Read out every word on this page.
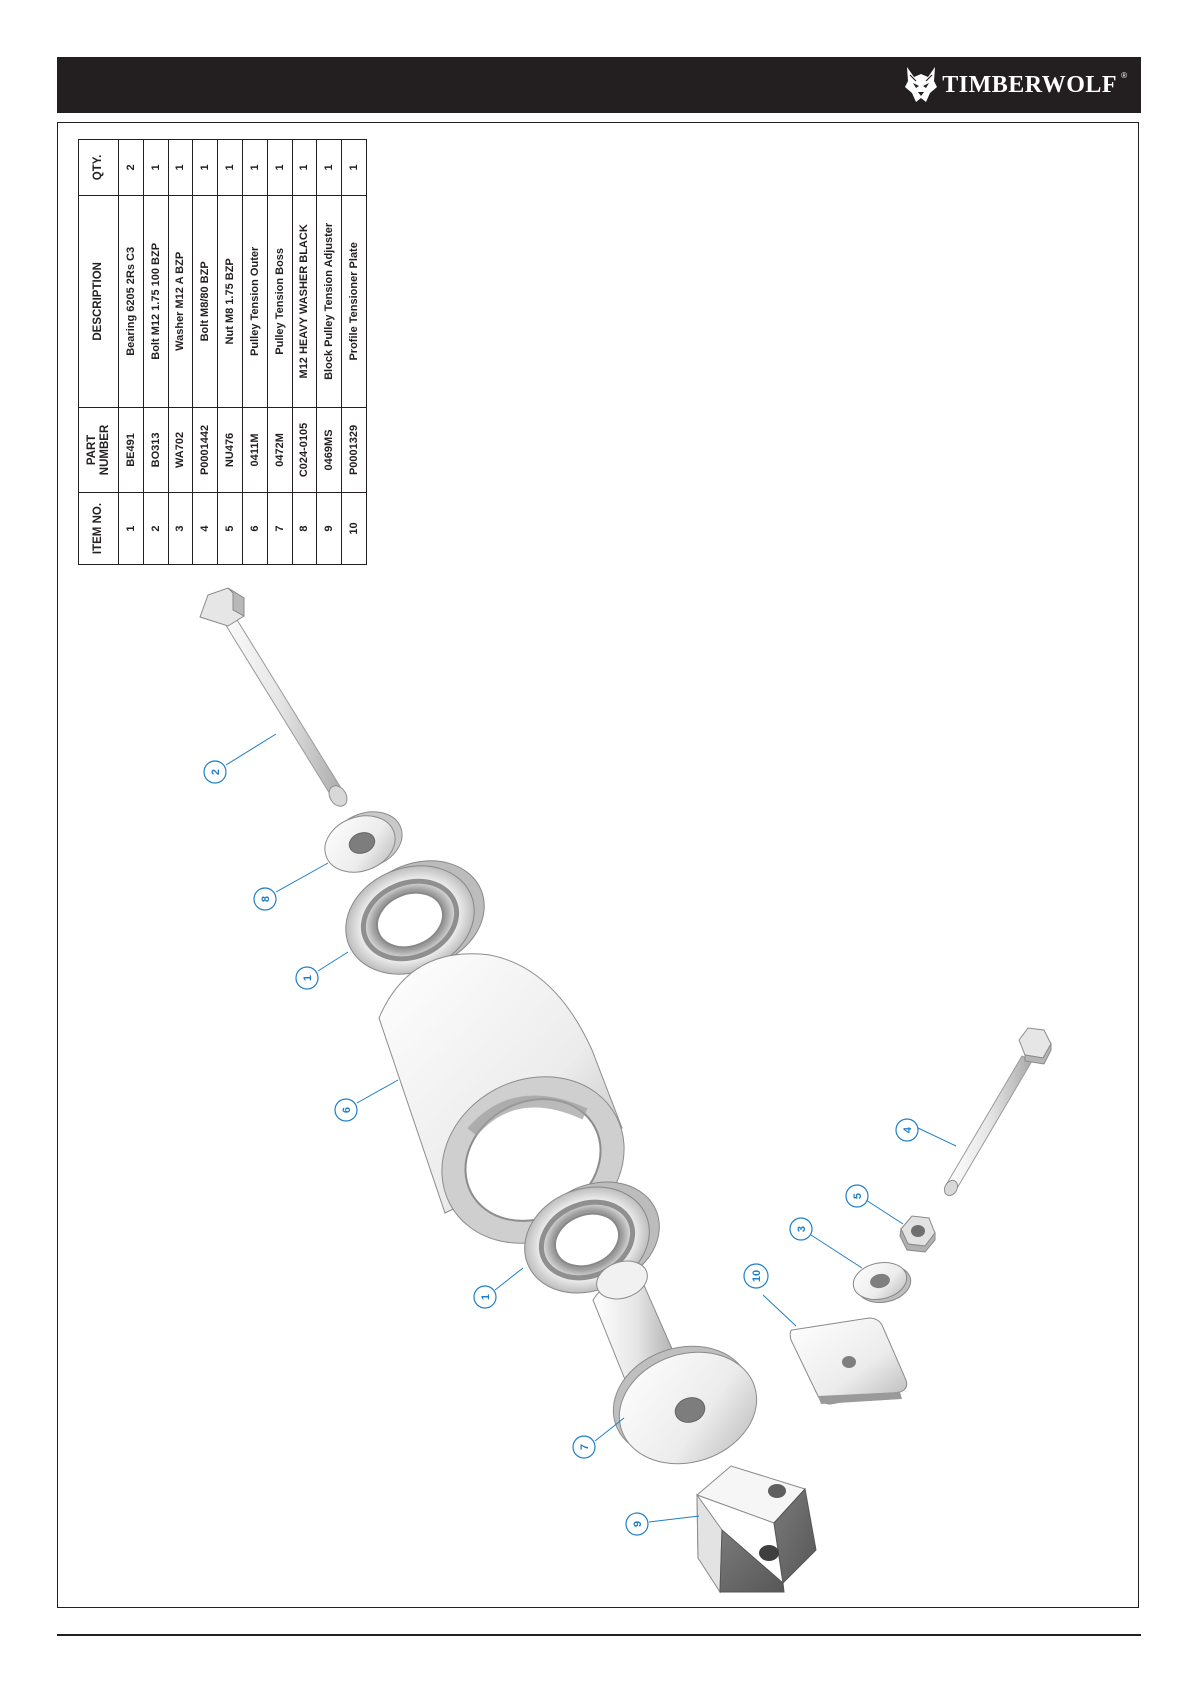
TIMBERWOLF ®
ITEM NO.	PART NUMBER	DESCRIPTION	QTY.
1	BE491	Bearing 6205 2Rs C3	2
2	BO313	Bolt M12 1.75 100 BZP	1
3	WA702	Washer M12 A BZP	1
4	P0001442	Bolt M8/80 BZP	1
5	NU476	Nut M8 1.75 BZP	1
6	0411M	Pulley Tension Outer	1
7	0472M	Pulley Tension Boss	1
8	C024-0105	M12 HEAVY WASHER BLACK	1
9	0469MS	Block Pulley Tension Adjuster	1
10	P0001329	Profile Tensioner Plate	1
2
8
1
6
4
5
3
10
1
7
9
